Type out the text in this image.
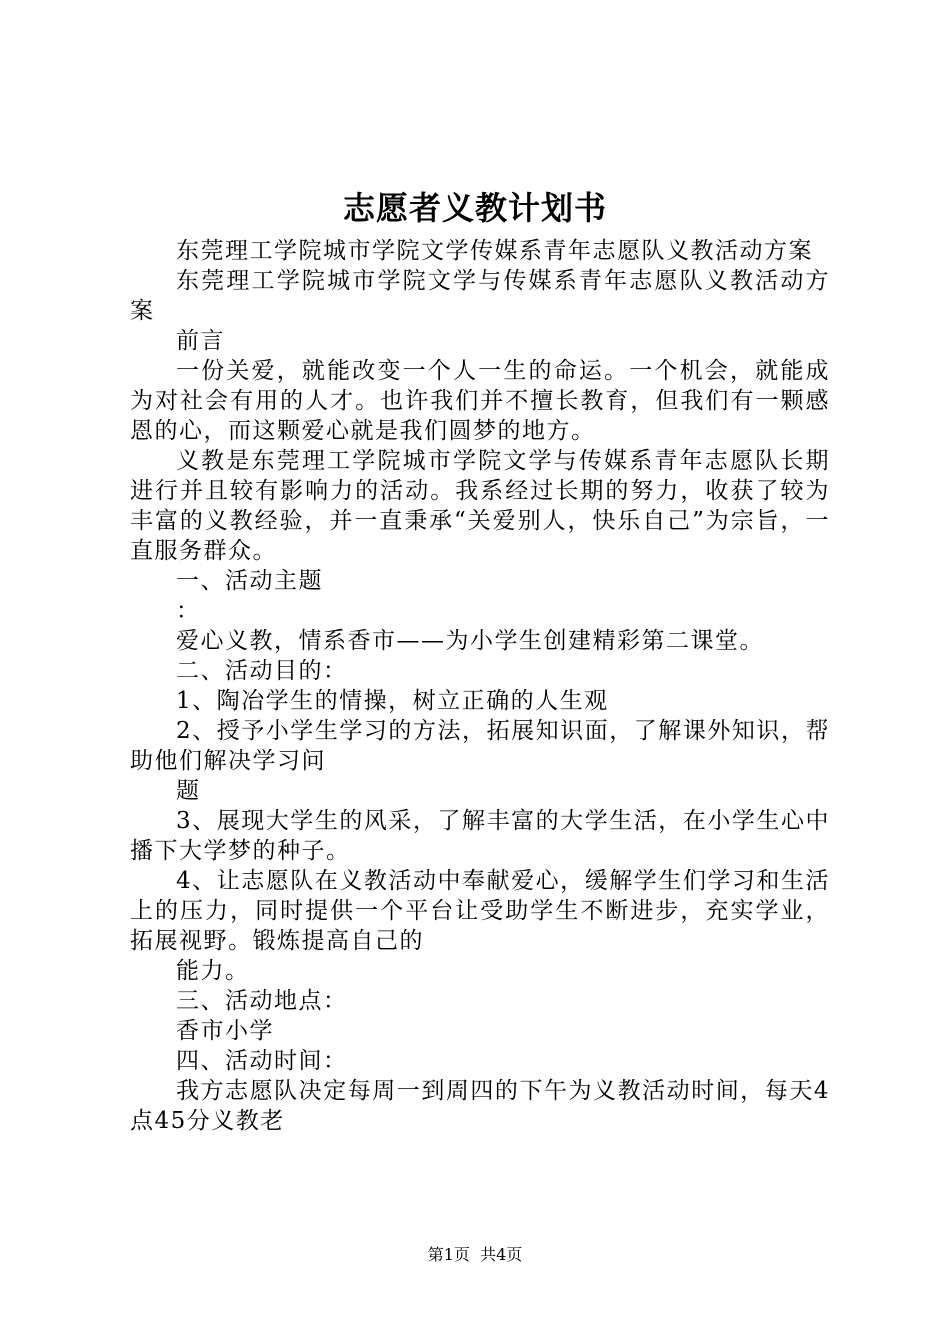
志愿者义教计划书

东莞理工学院城市学院文学传媒系青年志愿队义教活动方案

东莞理工学院城市学院文学与传媒系青年志愿队义教活动方案

前言

一份关爱，就能改变一个人一生的命运。一个机会，就能成为对社会有用的人才。也许我们并不擅长教育，但我们有一颗感恩的心，而这颗爱心就是我们圆梦的地方。

义教是东莞理工学院城市学院文学与传媒系青年志愿队长期进行并且较有影响力的活动。我系经过长期的努力，收获了较为丰富的义教经验，并一直秉承“关爱别人，快乐自己”为宗旨，一直服务群众。

一、活动主题

：

爱心义教，情系香市——为小学生创建精彩第二课堂。

二、活动目的：

1、陶冶学生的情操，树立正确的人生观

2、授予小学生学习的方法，拓展知识面，了解课外知识，帮助他们解决学习问

题

3、展现大学生的风采，了解丰富的大学生活，在小学生心中播下大学梦的种子。

4、让志愿队在义教活动中奉献爱心，缓解学生们学习和生活上的压力，同时提供一个平台让受助学生不断进步，充实学业，拓展视野。锻炼提高自己的

能力。

三、活动地点：

香市小学

四、活动时间：

我方志愿队决定每周一到周四的下午为义教活动时间，每天4点45分义教老

第1页  共4页
